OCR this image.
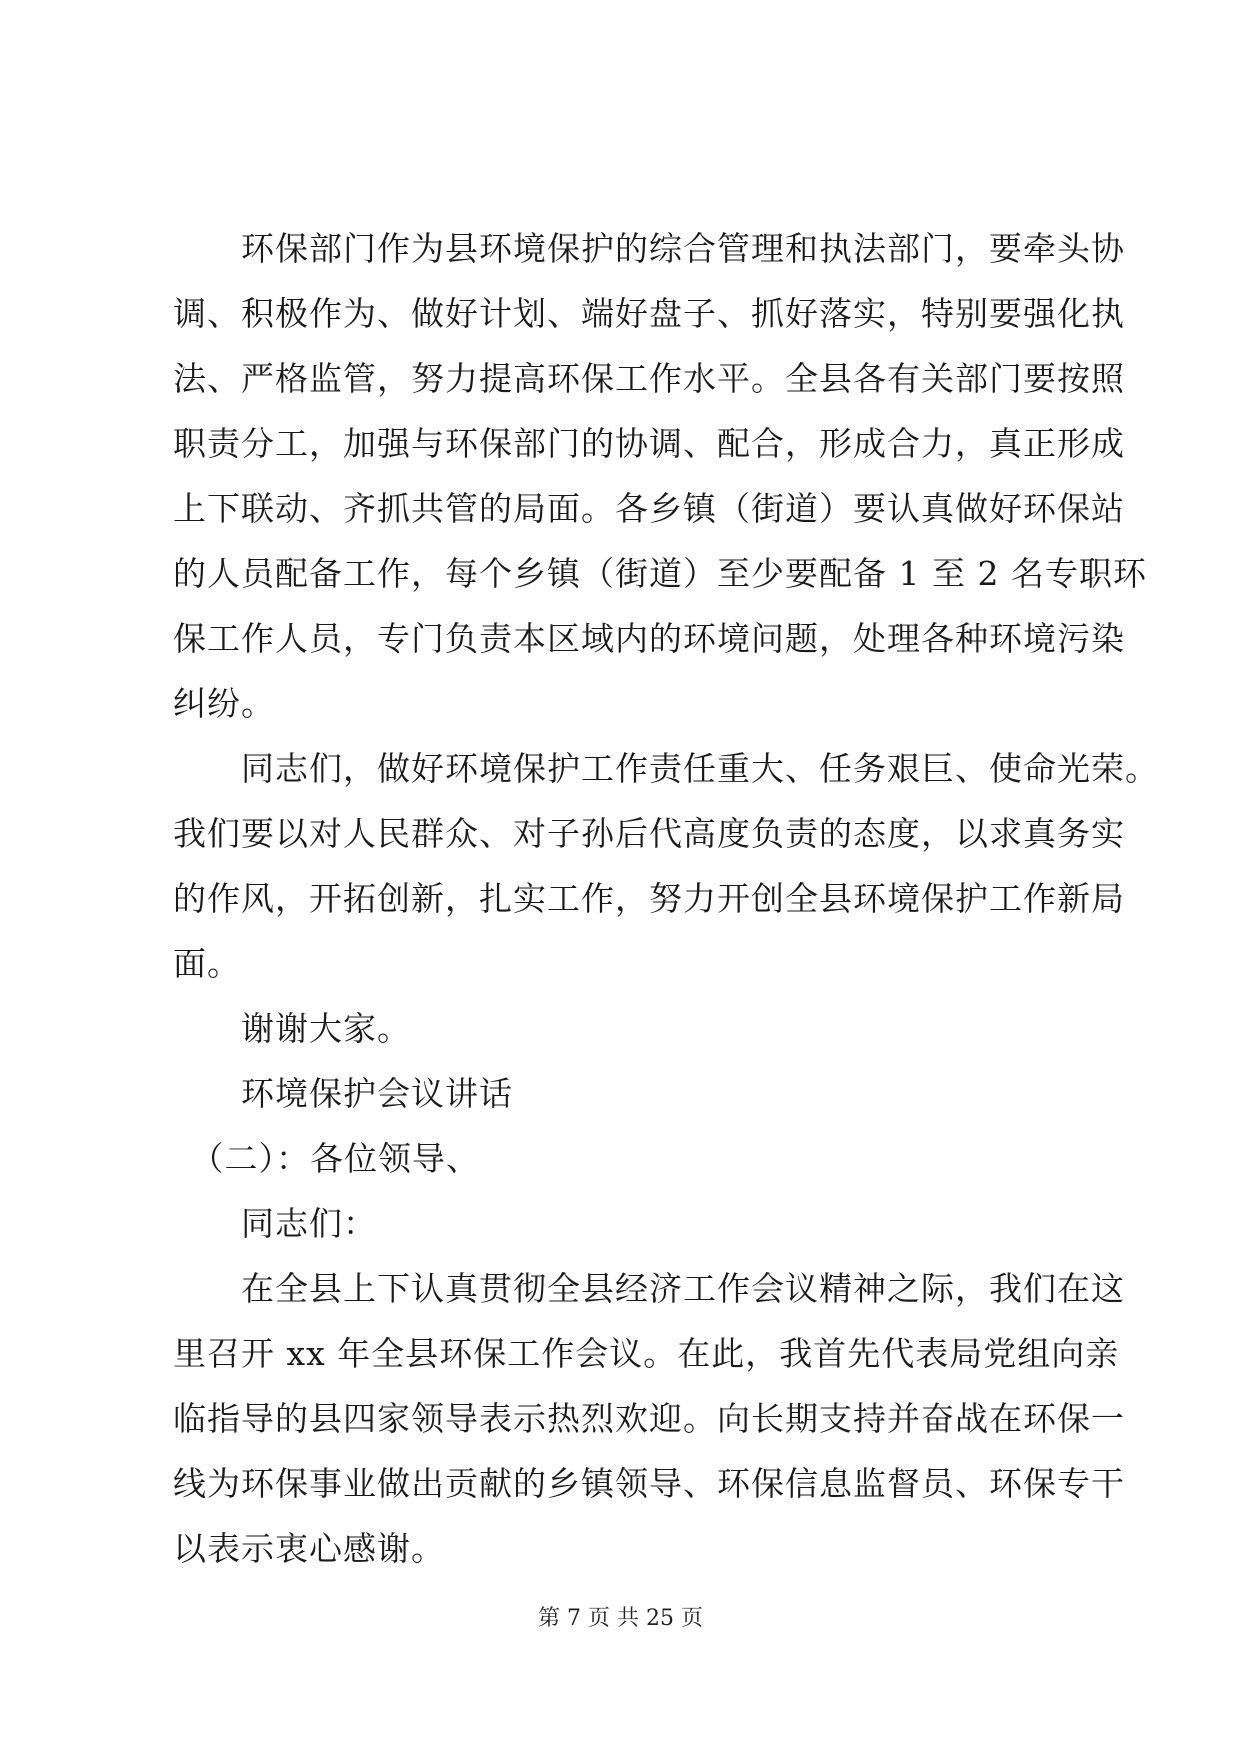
　　环保部门作为县环境保护的综合管理和执法部门，要牵头协
调、积极作为、做好计划、端好盘子、抓好落实，特别要强化执
法、严格监管，努力提高环保工作水平。全县各有关部门要按照
职责分工，加强与环保部门的协调、配合，形成合力，真正形成
上下联动、齐抓共管的局面。各乡镇（街道）要认真做好环保站
的人员配备工作，每个乡镇（街道）至少要配备 1 至 2 名专职环
保工作人员，专门负责本区域内的环境问题，处理各种环境污染
纠纷。
　　同志们，做好环境保护工作责任重大、任务艰巨、使命光荣。
我们要以对人民群众、对子孙后代高度负责的态度，以求真务实
的作风，开拓创新，扎实工作，努力开创全县环境保护工作新局
面。
　　谢谢大家。
　　环境保护会议讲话
　（二）：各位领导、
　　同志们：
　　在全县上下认真贯彻全县经济工作会议精神之际，我们在这
里召开 xx 年全县环保工作会议。在此，我首先代表局党组向亲
临指导的县四家领导表示热烈欢迎。向长期支持并奋战在环保一
线为环保事业做出贡献的乡镇领导、环保信息监督员、环保专干
以表示衷心感谢。
第 7 页 共 25 页
